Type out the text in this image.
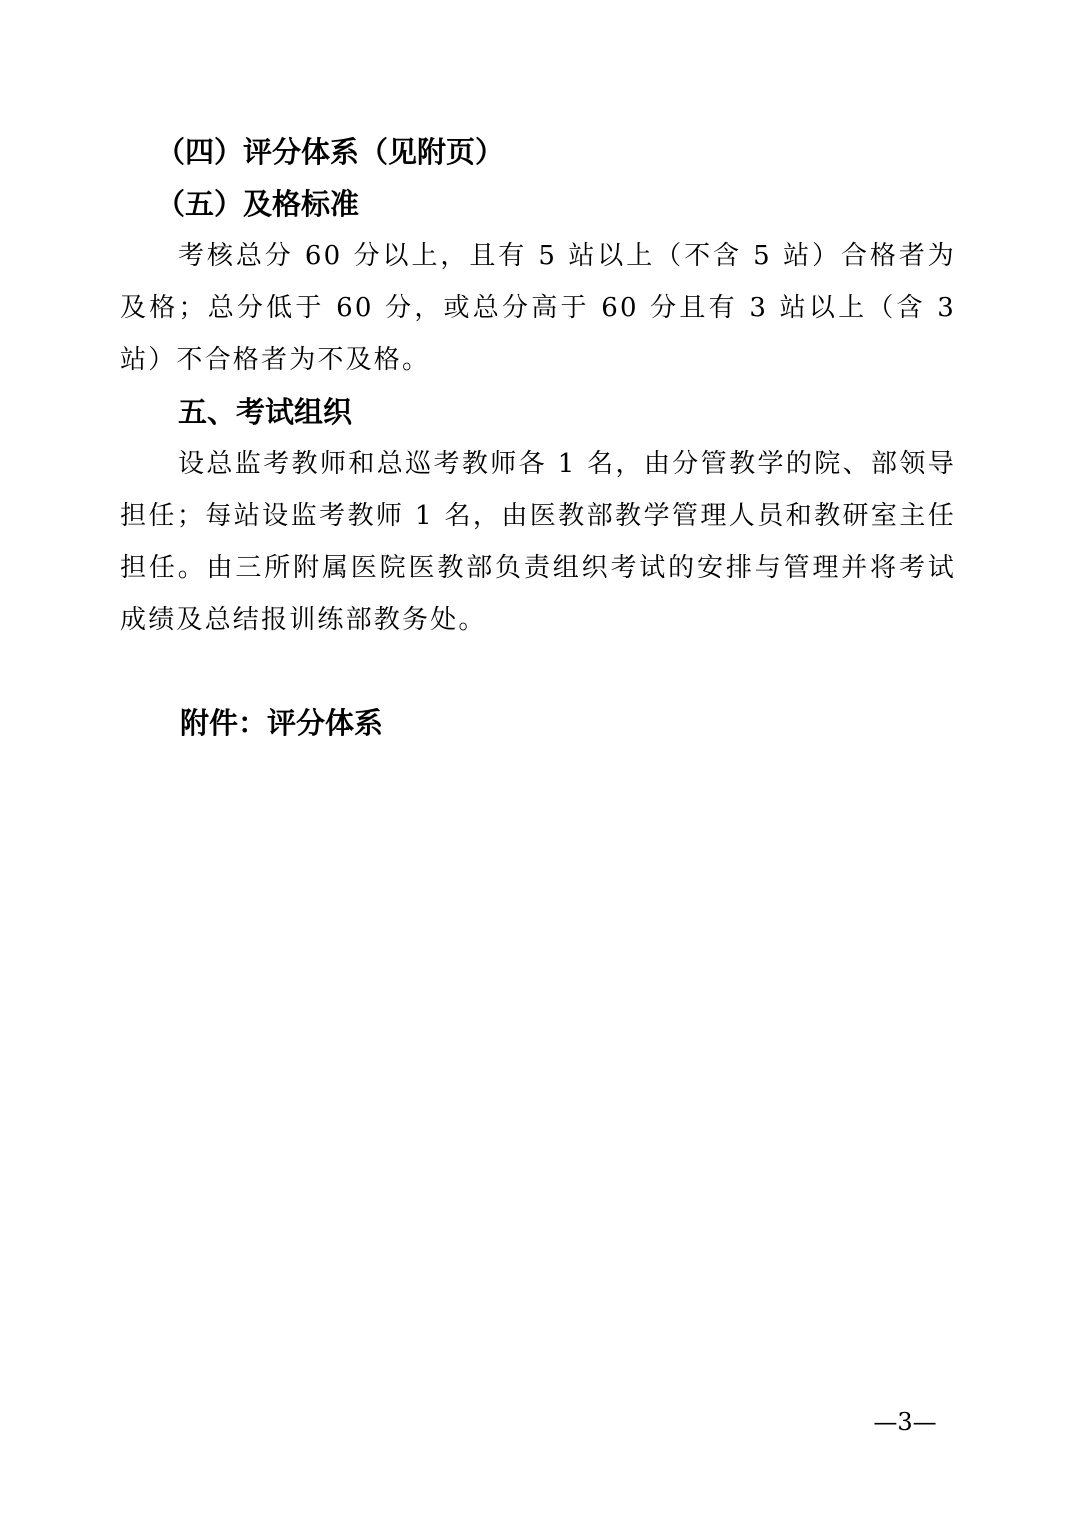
（四）评分体系（见附页）

（五）及格标准

考核总分 60 分以上，且有 5 站以上（不含 5 站）合格者为及格；总分低于 60 分，或总分高于 60 分且有 3 站以上（含 3 站）不合格者为不及格。

五、考试组织

设总监考教师和总巡考教师各 1 名，由分管教学的院、部领导担任；每站设监考教师 1 名，由医教部教学管理人员和教研室主任担任。由三所附属医院医教部负责组织考试的安排与管理并将考试成绩及总结报训练部教务处。

附件：评分体系
—3—
